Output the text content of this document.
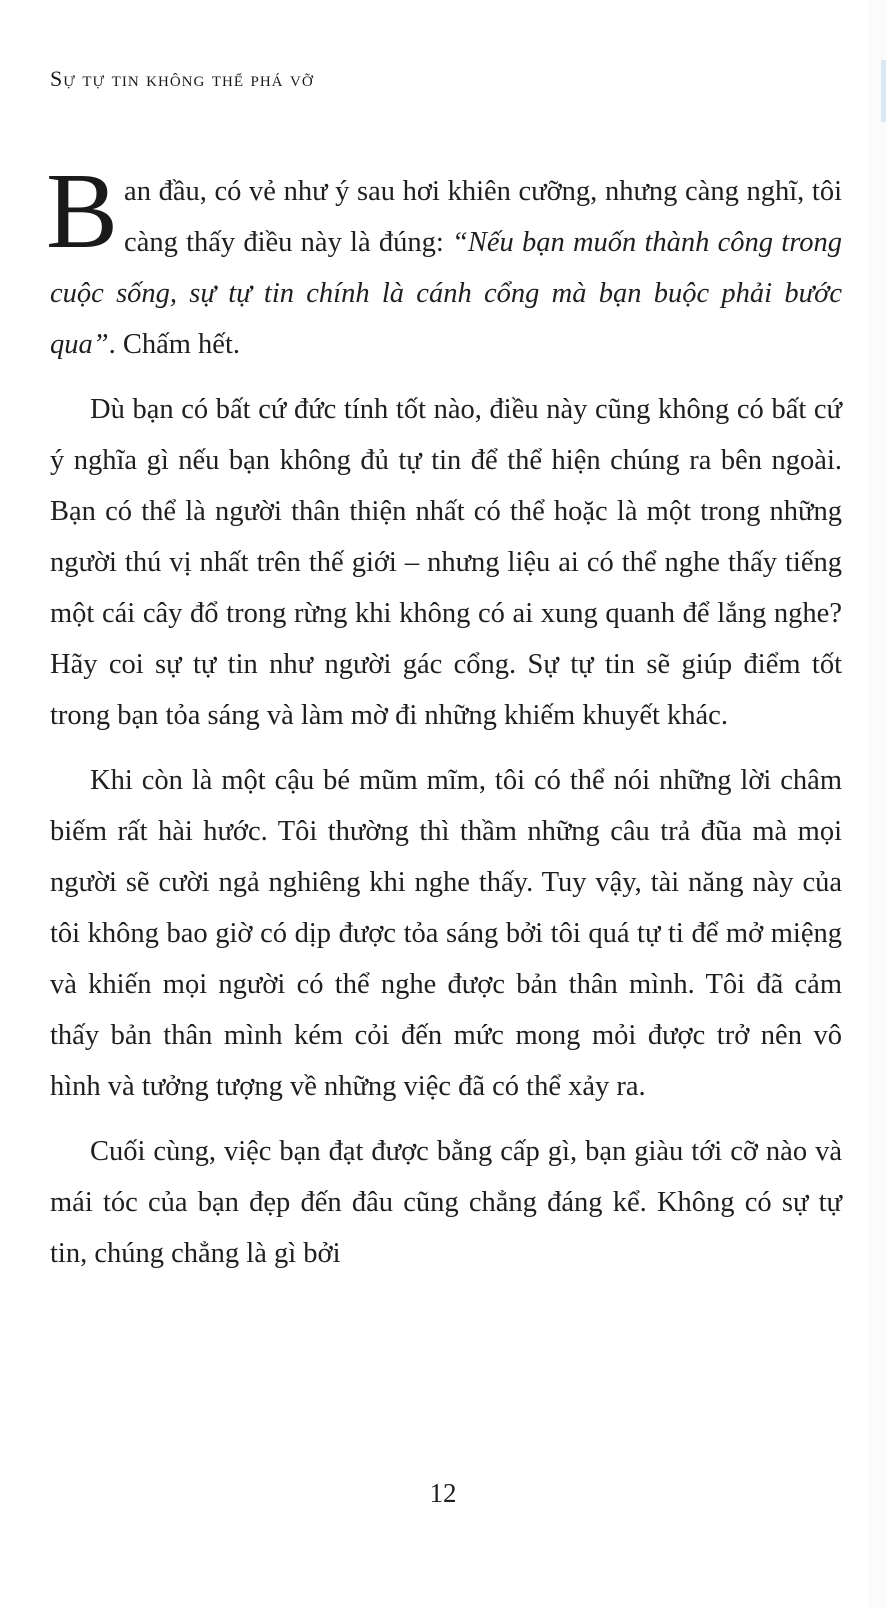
Sự tự tin không thể phá vỡ

Ban đầu, có vẻ như ý sau hơi khiên cưỡng, nhưng càng nghĩ, tôi càng thấy điều này là đúng: “Nếu bạn muốn thành công trong cuộc sống, sự tự tin chính là cánh cổng mà bạn buộc phải bước qua”. Chấm hết.

Dù bạn có bất cứ đức tính tốt nào, điều này cũng không có bất cứ ý nghĩa gì nếu bạn không đủ tự tin để thể hiện chúng ra bên ngoài. Bạn có thể là người thân thiện nhất có thể hoặc là một trong những người thú vị nhất trên thế giới – nhưng liệu ai có thể nghe thấy tiếng một cái cây đổ trong rừng khi không có ai xung quanh để lắng nghe? Hãy coi sự tự tin như người gác cổng. Sự tự tin sẽ giúp điểm tốt trong bạn tỏa sáng và làm mờ đi những khiếm khuyết khác.

Khi còn là một cậu bé mũm mĩm, tôi có thể nói những lời châm biếm rất hài hước. Tôi thường thì thầm những câu trả đũa mà mọi người sẽ cười ngả nghiêng khi nghe thấy. Tuy vậy, tài năng này của tôi không bao giờ có dịp được tỏa sáng bởi tôi quá tự ti để mở miệng và khiến mọi người có thể nghe được bản thân mình. Tôi đã cảm thấy bản thân mình kém cỏi đến mức mong mỏi được trở nên vô hình và tưởng tượng về những việc đã có thể xảy ra.

Cuối cùng, việc bạn đạt được bằng cấp gì, bạn giàu tới cỡ nào và mái tóc của bạn đẹp đến đâu cũng chẳng đáng kể. Không có sự tự tin, chúng chẳng là gì bởi

12
